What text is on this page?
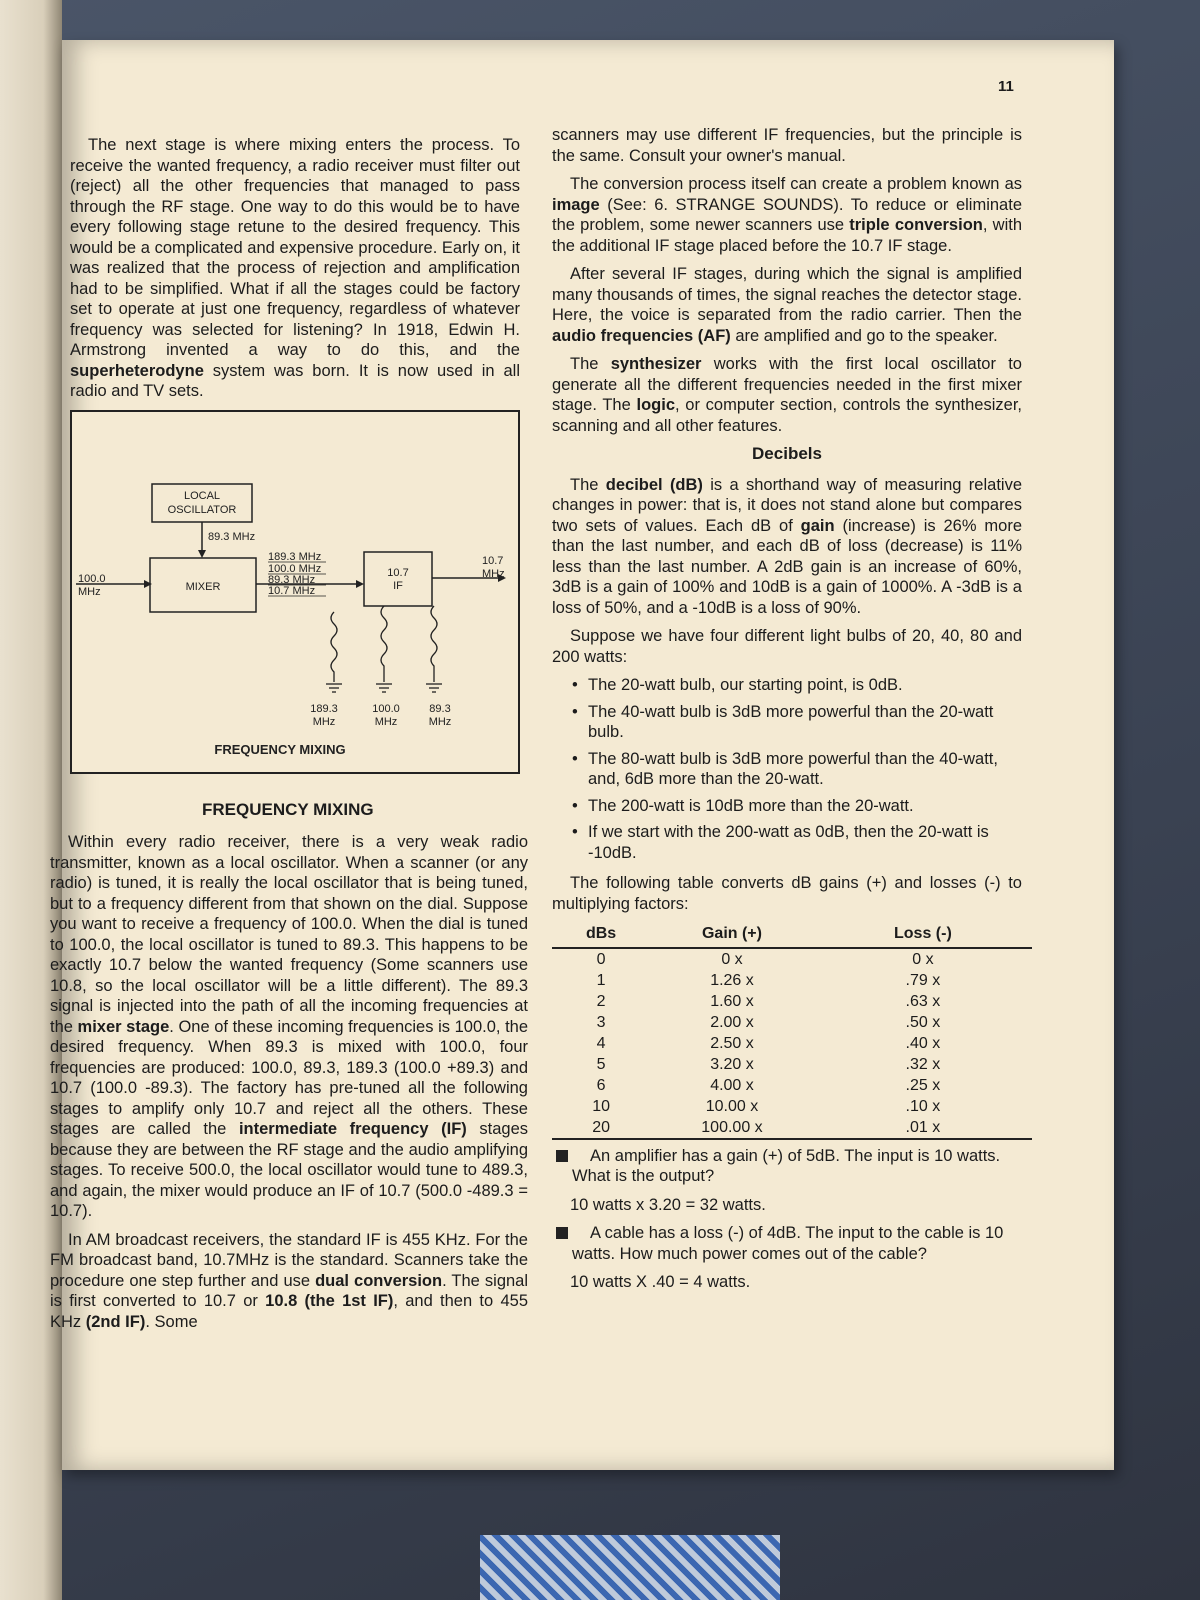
11

The next stage is where mixing enters the process. To receive the wanted frequency, a radio receiver must filter out (reject) all the other frequencies that managed to pass through the RF stage. One way to do this would be to have every following stage retune to the desired frequency. This would be a complicated and expensive procedure. Early on, it was realized that the process of rejection and amplification had to be simplified. What if all the stages could be factory set to operate at just one frequency, regardless of whatever frequency was selected for listening? In 1918, Edwin H. Armstrong invented a way to do this, and the superheterodyne system was born. It is now used in all radio and TV sets.

LOCAL
OSCILLATOR
89.3 MHz
MIXER
100.0
MHz
189.3 MHz
100.0 MHz
89.3 MHz
10.7 MHz
10.7
IF
10.7
MHz
189.3
MHz
100.0
MHz
89.3
MHz
FREQUENCY MIXING
FREQUENCY MIXING

Within every radio receiver, there is a very weak radio transmitter, known as a local oscillator. When a scanner (or any radio) is tuned, it is really the local oscillator that is being tuned, but to a frequency different from that shown on the dial. Suppose you want to receive a frequency of 100.0. When the dial is tuned to 100.0, the local oscillator is tuned to 89.3. This happens to be exactly 10.7 below the wanted frequency (Some scanners use 10.8, so the local oscillator will be a little different). The 89.3 signal is injected into the path of all the incoming frequencies at the mixer stage. One of these incoming frequencies is 100.0, the desired frequency. When 89.3 is mixed with 100.0, four frequencies are produced: 100.0, 89.3, 189.3 (100.0 +89.3) and 10.7 (100.0 -89.3). The factory has pre-tuned all the following stages to amplify only 10.7 and reject all the others. These stages are called the intermediate frequency (IF) stages because they are between the RF stage and the audio amplifying stages. To receive 500.0, the local oscillator would tune to 489.3, and again, the mixer would produce an IF of 10.7 (500.0 -489.3 = 10.7).

In AM broadcast receivers, the standard IF is 455 KHz. For the FM broadcast band, 10.7MHz is the standard. Scanners take the procedure one step further and use dual conversion. The signal is first converted to 10.7 or 10.8 (the 1st IF), and then to 455 KHz (2nd IF). Some

scanners may use different IF frequencies, but the principle is the same. Consult your owner's manual.

The conversion process itself can create a problem known as image (See: 6. STRANGE SOUNDS). To reduce or eliminate the problem, some newer scanners use triple conversion, with the additional IF stage placed before the 10.7 IF stage.

After several IF stages, during which the signal is amplified many thousands of times, the signal reaches the detector stage. Here, the voice is separated from the radio carrier. Then the audio frequencies (AF) are amplified and go to the speaker.

The synthesizer works with the first local oscillator to generate all the different frequencies needed in the first mixer stage. The logic, or computer section, controls the synthesizer, scanning and all other features.

Decibels

The decibel (dB) is a shorthand way of measuring relative changes in power: that is, it does not stand alone but compares two sets of values. Each dB of gain (increase) is 26% more than the last number, and each dB of loss (decrease) is 11% less than the last number. A 2dB gain is an increase of 60%, 3dB is a gain of 100% and 10dB is a gain of 1000%. A -3dB is a loss of 50%, and a -10dB is a loss of 90%.

Suppose we have four different light bulbs of 20, 40, 80 and 200 watts:

• The 20-watt bulb, our starting point, is 0dB.
• The 40-watt bulb is 3dB more powerful than the 20-watt bulb.
• The 80-watt bulb is 3dB more powerful than the 40-watt, and, 6dB more than the 20-watt.
• The 200-watt is 10dB more than the 20-watt.
• If we start with the 200-watt as 0dB, then the 20-watt is -10dB.

The following table converts dB gains (+) and losses (-) to multiplying factors:

dBs	Gain (+)	Loss (-)
0	0 x	0 x
1	1.26 x	.79 x
2	1.60 x	.63 x
3	2.00 x	.50 x
4	2.50 x	.40 x
5	3.20 x	.32 x
6	4.00 x	.25 x
10	10.00 x	.10 x
20	100.00 x	.01 x

An amplifier has a gain (+) of 5dB. The input is 10 watts. What is the output?

10 watts x 3.20 = 32 watts.

A cable has a loss (-) of 4dB. The input to the cable is 10 watts. How much power comes out of the cable?

10 watts X .40 = 4 watts.
